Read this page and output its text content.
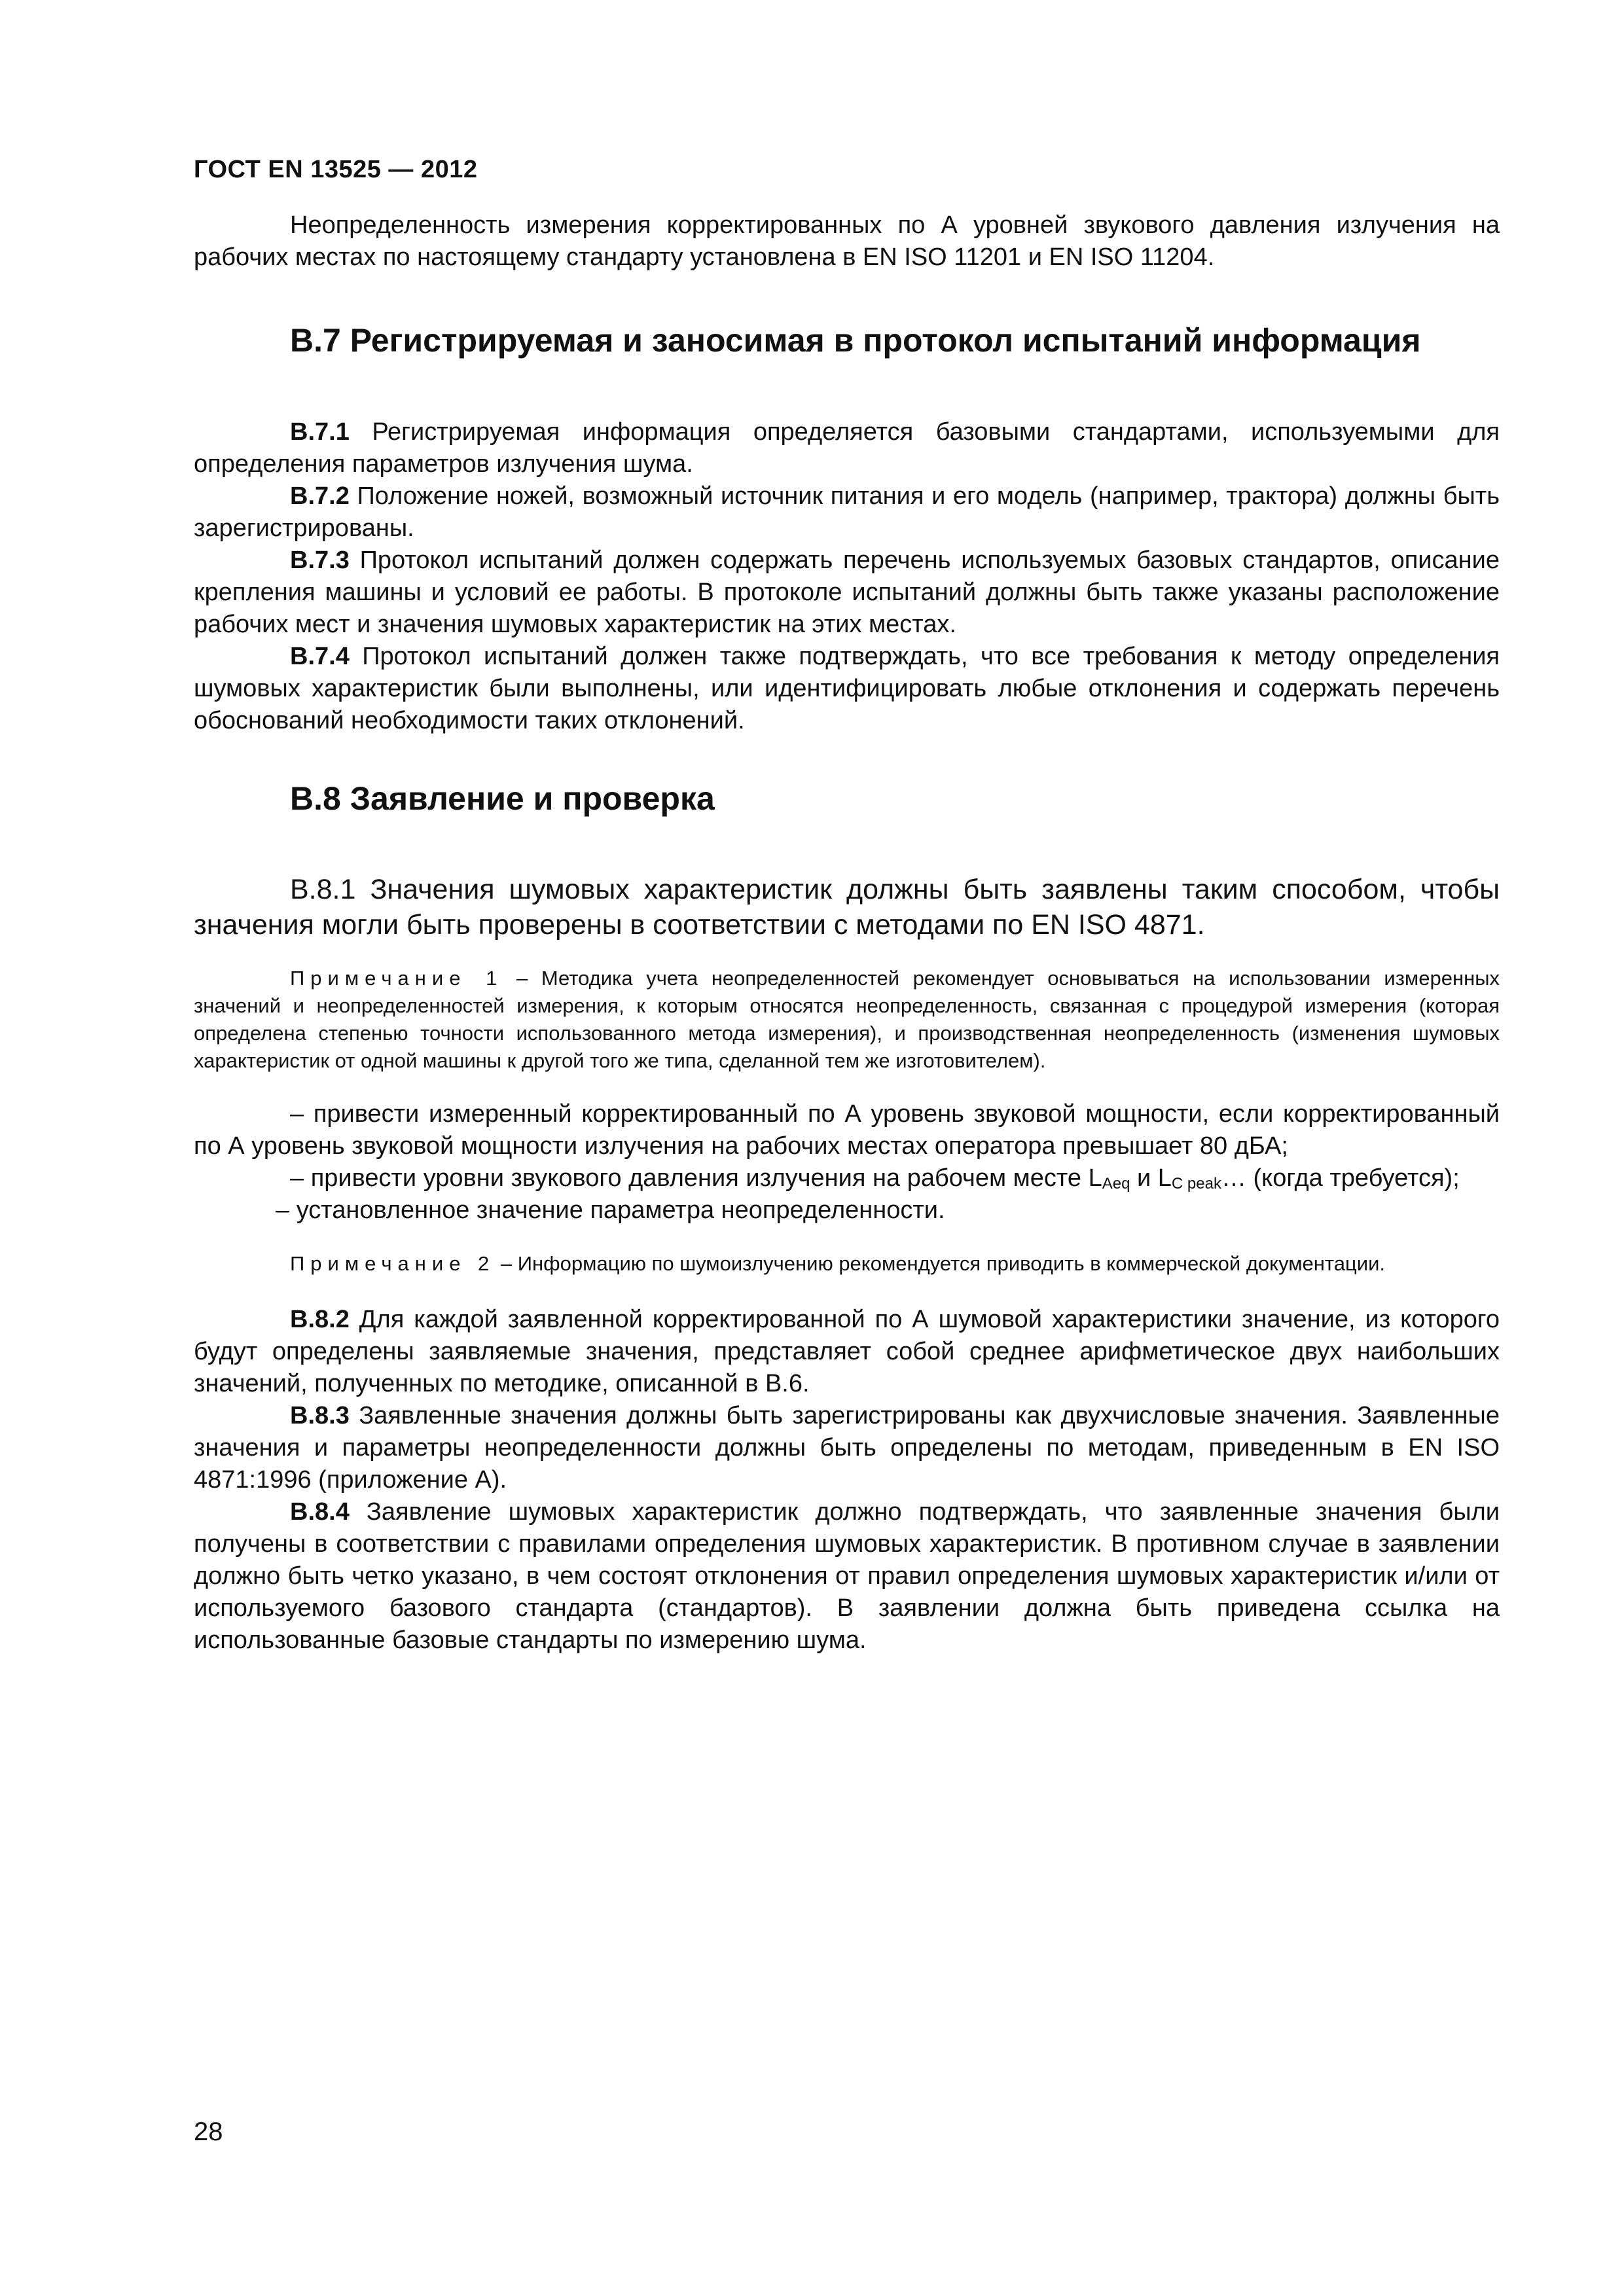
ГОСТ EN 13525 — 2012

Неопределенность измерения корректированных по А уровней звукового давления излучения на рабочих местах по настоящему стандарту установлена в EN ISO 11201 и EN ISO 11204.

В.7 Регистрируемая и заносимая в протокол испытаний информация

В.7.1 Регистрируемая информация определяется базовыми стандартами, используемыми для определения параметров излучения шума.

В.7.2 Положение ножей, возможный источник питания и его модель (например, трактора) должны быть зарегистрированы.

В.7.3 Протокол испытаний должен содержать перечень используемых базовых стандартов, описание крепления машины и условий ее работы. В протоколе испытаний должны быть также указаны расположение рабочих мест и значения шумовых характеристик на этих местах.

В.7.4 Протокол испытаний должен также подтверждать, что все требования к методу определения шумовых характеристик были выполнены, или идентифицировать любые отклонения и содержать перечень обоснований необходимости таких отклонений.

В.8 Заявление и проверка

В.8.1 Значения шумовых характеристик должны быть заявлены таким способом, чтобы значения могли быть проверены в соответствии с методами по EN ISO 4871.

Примечание 1 – Методика учета неопределенностей рекомендует основываться на использовании измеренных значений и неопределенностей измерения, к которым относятся неопределенность, связанная с процедурой измерения (которая определена степенью точности использованного метода измерения), и производственная неопределенность (изменения шумовых характеристик от одной машины к другой того же типа, сделанной тем же изготовителем).

– привести измеренный корректированный по А уровень звуковой мощности, если корректированный по А уровень звуковой мощности излучения на рабочих местах оператора превышает 80 дБА;

– привести уровни звукового давления излучения на рабочем месте $L_{Aeq}$ и $L_{C peak}\dots$ (когда требуется);

– установленное значение параметра неопределенности.

Примечание 2 – Информацию по шумоизлучению рекомендуется приводить в коммерческой документации.

В.8.2 Для каждой заявленной корректированной по А шумовой характеристики значение, из которого будут определены заявляемые значения, представляет собой среднее арифметическое двух наибольших значений, полученных по методике, описанной в В.6.

В.8.3 Заявленные значения должны быть зарегистрированы как двухчисловые значения. Заявленные значения и параметры неопределенности должны быть определены по методам, приведенным в EN ISO 4871:1996 (приложение А).

В.8.4 Заявление шумовых характеристик должно подтверждать, что заявленные значения были получены в соответствии с правилами определения шумовых характеристик. В противном случае в заявлении должно быть четко указано, в чем состоят отклонения от правил определения шумовых характеристик и/или от используемого базового стандарта (стандартов). В заявлении должна быть приведена ссылка на использованные базовые стандарты по измерению шума.

28
